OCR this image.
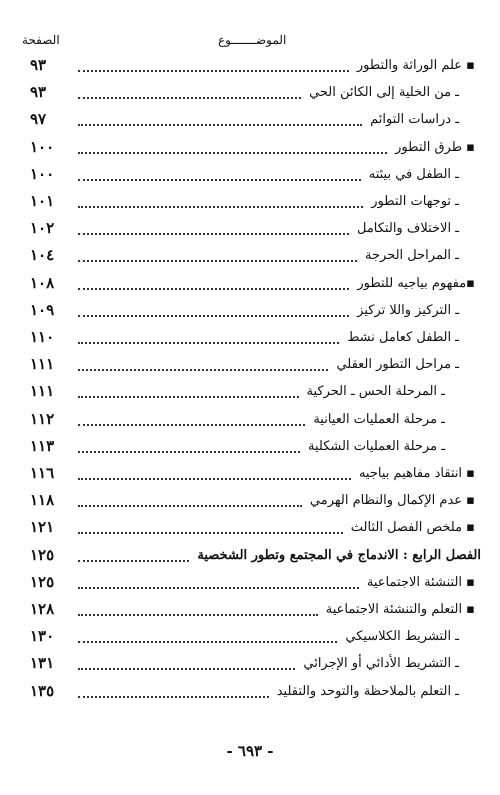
الصفحة	الموضـــــــوع
▪ علم الوراثة والتطور
٩٣
ـ من الخلية إلى الكائن الحي
٩٣
ـ دراسات التوائم
٩٧
▪ طرق التطور
١٠٠
ـ الطفل في بيئته
١٠٠
ـ توجهات التطور
١٠١
ـ الاختلاف والتكامل
١٠٢
ـ المراحل الحرجة
١٠٤
▪مفهوم بياجيه للتطور
١٠٨
ـ التركيز واللا تركيز
١٠٩
ـ الطفل كعامل نشط
١١٠
ـ مراحل التطور العقلي
١١١
ـ المرحلة الحس ـ الحركية
١١١
ـ مرحلة العمليات العيانية
١١٢
ـ مرحلة العمليات الشكلية
١١٣
▪ انتقاد مفاهيم بياجيه
١١٦
▪ عدم الإكمال والنظام الهرمي
١١٨
▪ ملخص الفصل الثالث
١٢١
الفصل الرابع : الاندماج في المجتمع وتطور الشخصية
١٢٥
▪ التنشئة الاجتماعية
١٢٥
▪ التعلم والتنشئة الاجتماعية
١٢٨
ـ التشريط الكلاسيكي
١٣٠
ـ التشريط الأدائي أو الإجرائي
١٣١
ـ التعلم بالملاحظة والتوحد والتقليد
١٣٥
- ٦٩٣ -
